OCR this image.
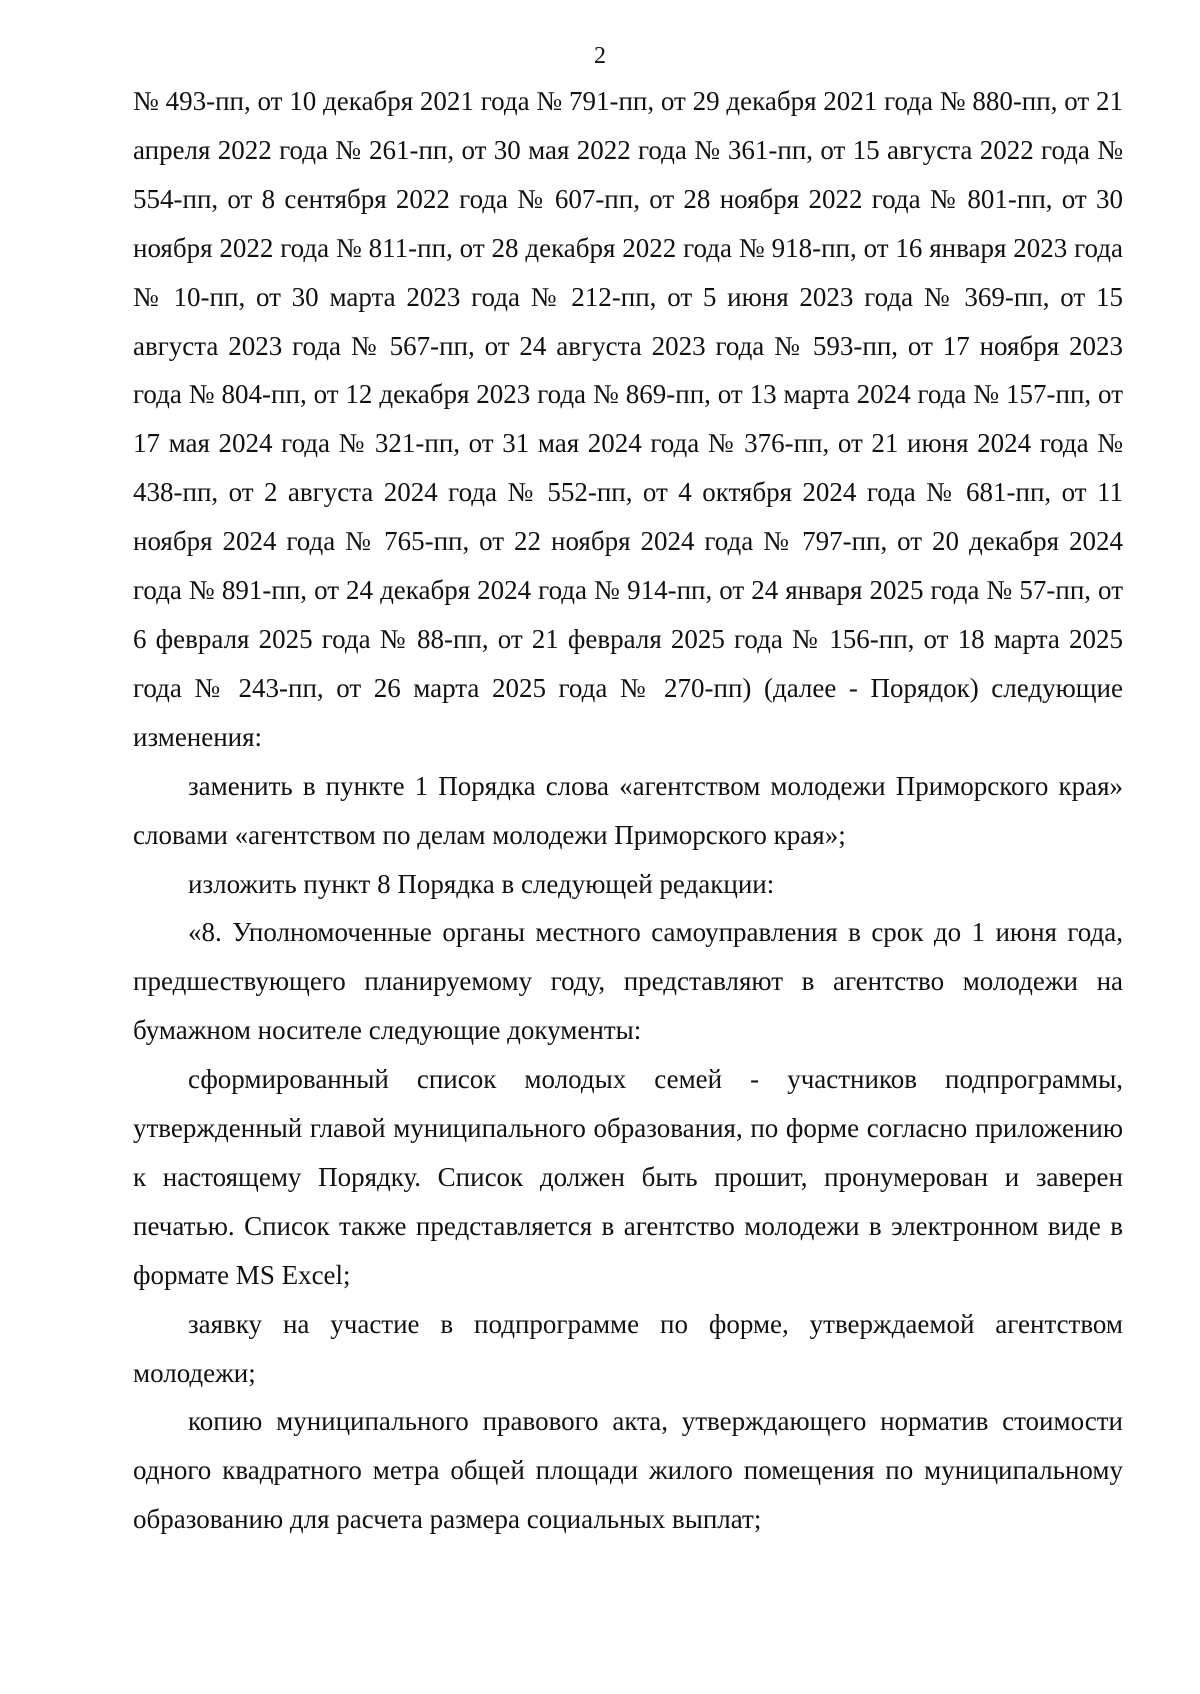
2

№ 493-пп, от 10 декабря 2021 года № 791-пп, от 29 декабря 2021 года № 880-пп, от 21 апреля 2022 года № 261-пп, от 30 мая 2022 года № 361-пп, от 15 августа 2022 года № 554-пп, от 8 сентября 2022 года № 607-пп, от 28 ноября 2022 года № 801-пп, от 30 ноября 2022 года № 811-пп, от 28 декабря 2022 года № 918-пп, от 16 января 2023 года № 10-пп, от 30 марта 2023 года № 212-пп, от 5 июня 2023 года № 369-пп, от 15 августа 2023 года № 567-пп, от 24 августа 2023 года № 593-пп, от 17 ноября 2023 года № 804-пп, от 12 декабря 2023 года № 869-пп, от 13 марта 2024 года № 157-пп, от 17 мая 2024 года № 321-пп, от 31 мая 2024 года № 376-пп, от 21 июня 2024 года № 438-пп, от 2 августа 2024 года № 552-пп, от 4 октября 2024 года № 681-пп, от 11 ноября 2024 года № 765-пп, от 22 ноября 2024 года № 797-пп, от 20 декабря 2024 года № 891-пп, от 24 декабря 2024 года № 914-пп, от 24 января 2025 года № 57-пп, от 6 февраля 2025 года № 88-пп, от 21 февраля 2025 года № 156-пп, от 18 марта 2025 года № 243-пп, от 26 марта 2025 года № 270-пп) (далее - Порядок) следующие изменения:

заменить в пункте 1 Порядка слова «агентством молодежи Приморского края» словами «агентством по делам молодежи Приморского края»;

изложить пункт 8 Порядка в следующей редакции:

«8. Уполномоченные органы местного самоуправления в срок до 1 июня года, предшествующего планируемому году, представляют в агентство молодежи на бумажном носителе следующие документы:

сформированный список молодых семей - участников подпрограммы, утвержденный главой муниципального образования, по форме согласно приложению к настоящему Порядку. Список должен быть прошит, пронумерован и заверен печатью. Список также представляется в агентство молодежи в электронном виде в формате MS Excel;

заявку на участие в подпрограмме по форме, утверждаемой агентством молодежи;

копию муниципального правового акта, утверждающего норматив стоимости одного квадратного метра общей площади жилого помещения по муниципальному образованию для расчета размера социальных выплат;
